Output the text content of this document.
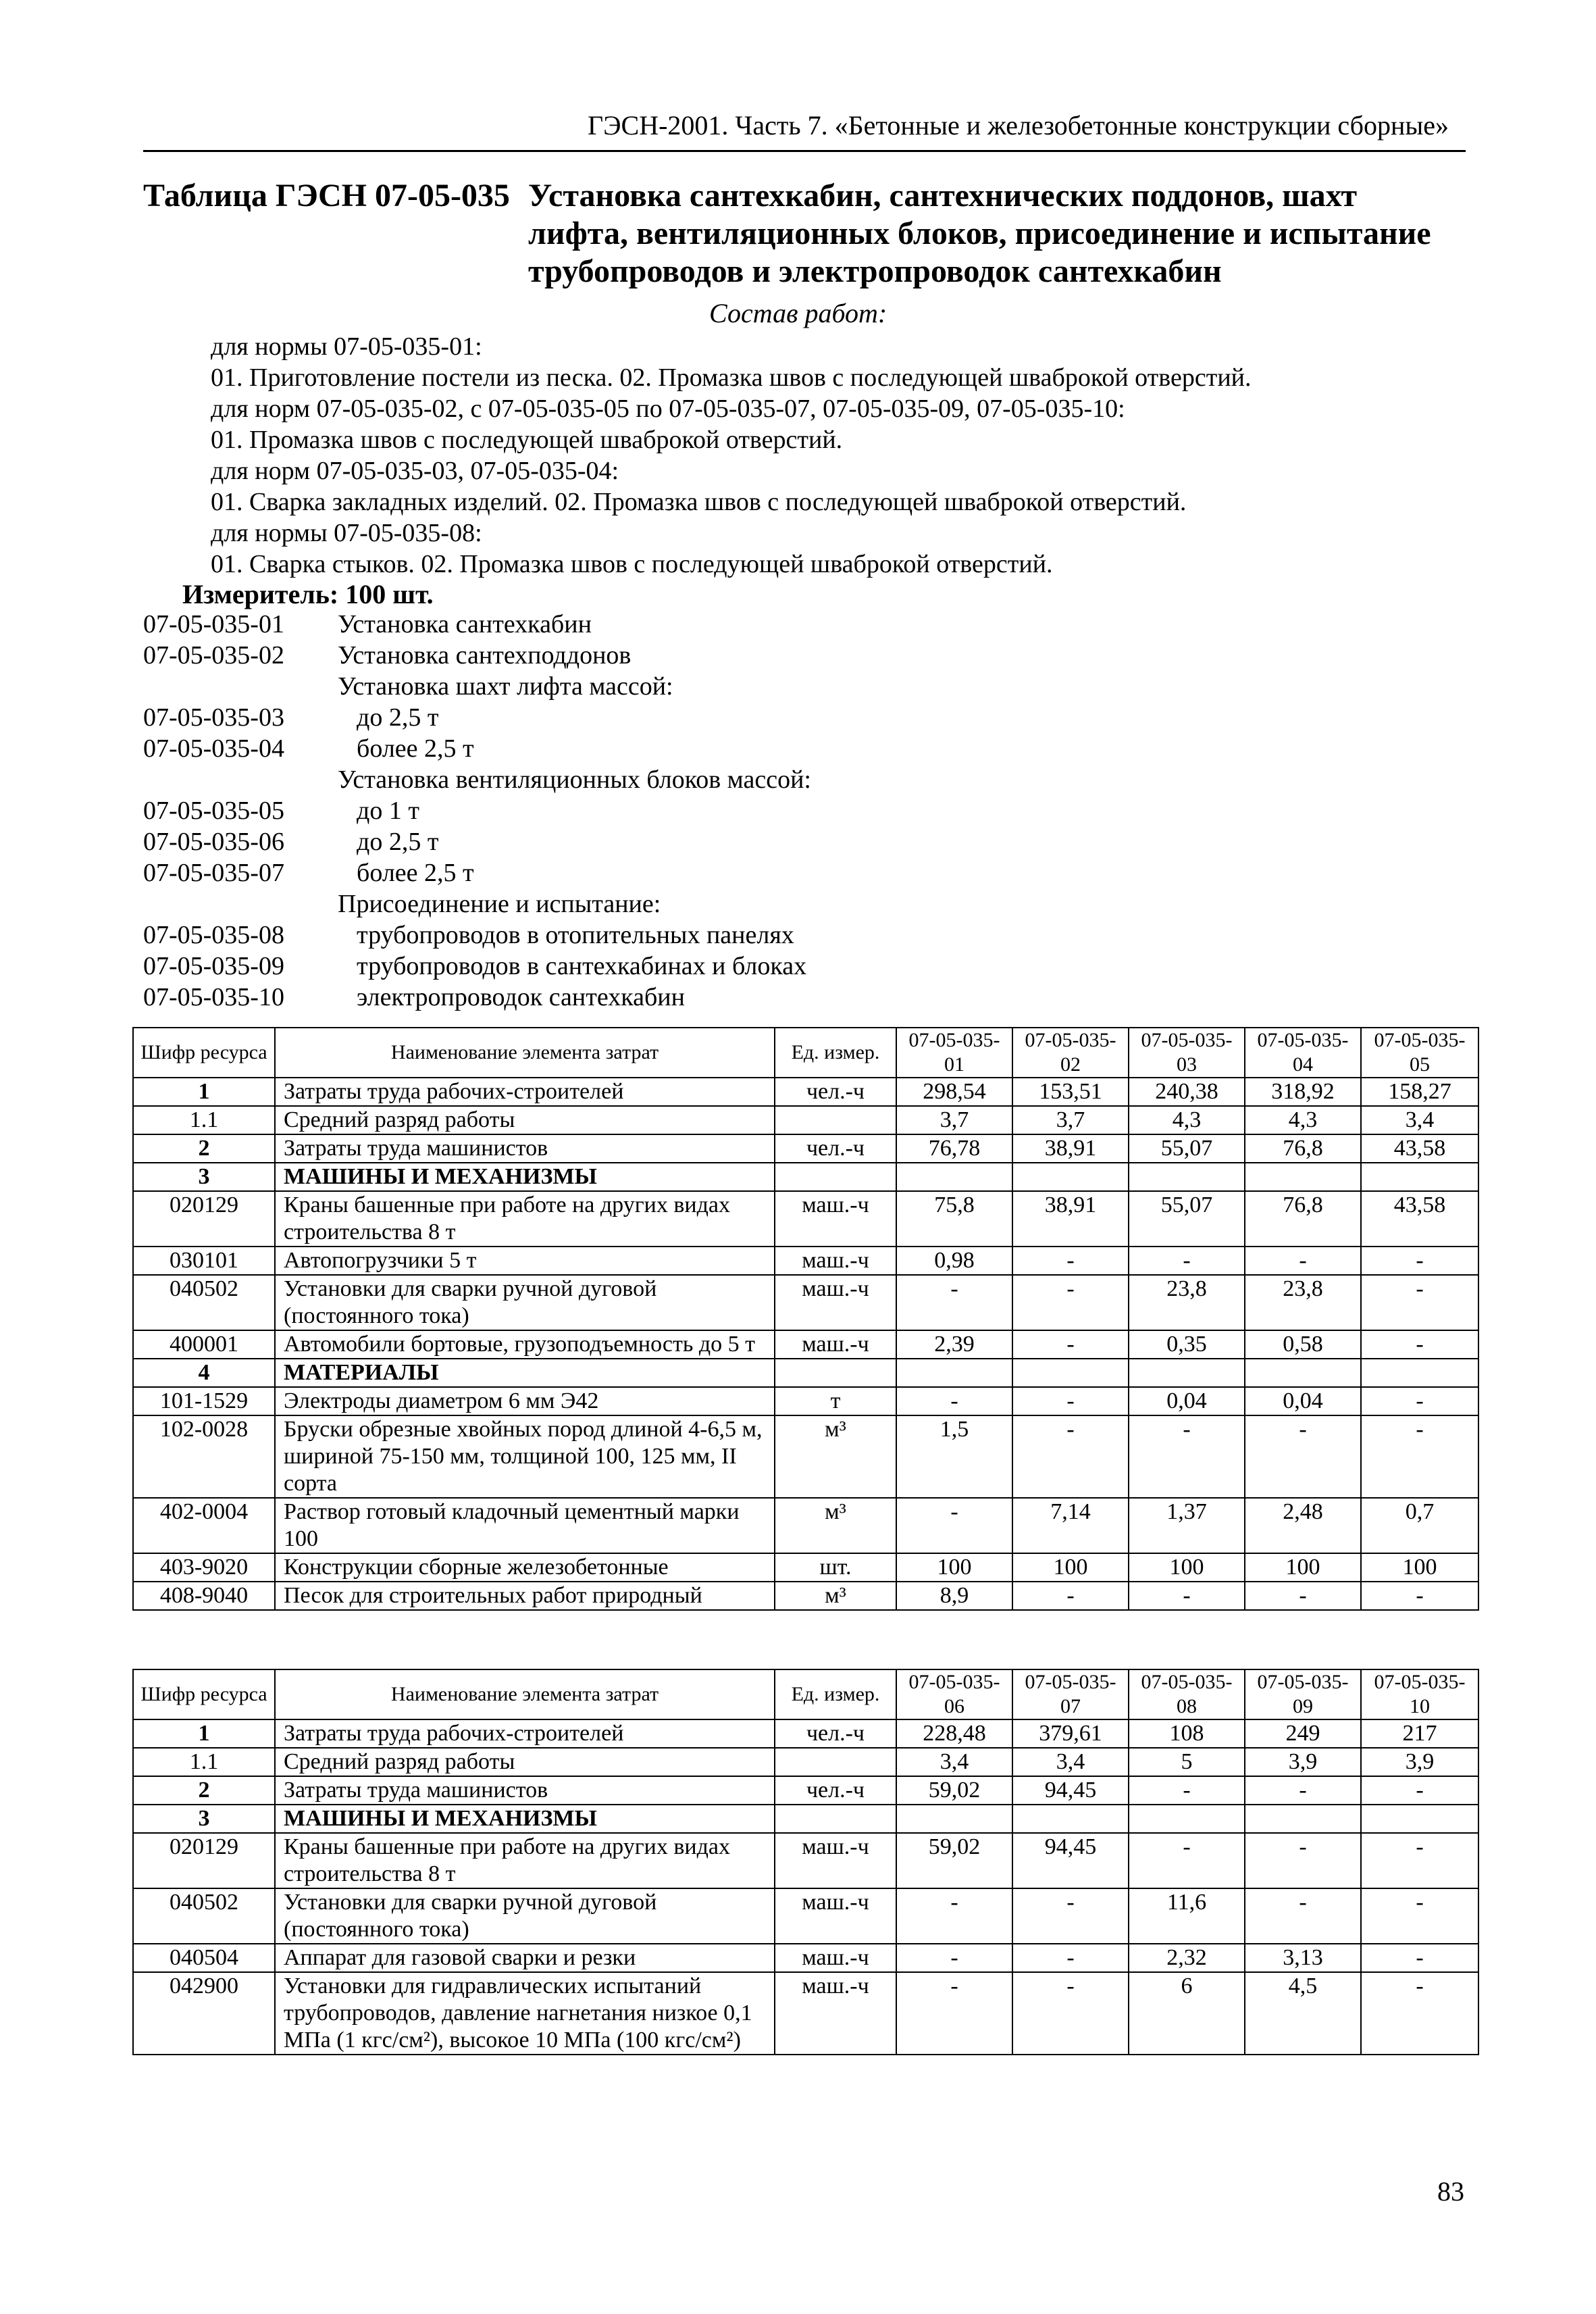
ГЭСН-2001. Часть 7. «Бетонные и железобетонные конструкции сборные»
Таблица ГЭСН 07-05-035 Установка сантехкабин, сантехнических поддонов, шахт
лифта, вентиляционных блоков, присоединение и испытание
трубопроводов и электропроводок сантехкабин
Состав работ:
для нормы 07-05-035-01:
01. Приготовление постели из песка. 02. Промазка швов с последующей шваброкой отверстий.
для норм 07-05-035-02, с 07-05-035-05 по 07-05-035-07, 07-05-035-09, 07-05-035-10:
01. Промазка швов с последующей шваброкой отверстий.
для норм 07-05-035-03, 07-05-035-04:
01. Сварка закладных изделий. 02. Промазка швов с последующей шваброкой отверстий.
для нормы 07-05-035-08:
01. Сварка стыков. 02. Промазка швов с последующей шваброкой отверстий.
Измеритель: 100 шт.
07-05-035-01 Установка сантехкабин
07-05-035-02 Установка сантехподдонов
Установка шахт лифта массой:
07-05-035-03	до 2,5 т
07-05-035-04	более 2,5 т
Установка вентиляционных блоков массой:
07-05-035-05	до 1 т
07-05-035-06	до 2,5 т
07-05-035-07	более 2,5 т
Присоединение и испытание:
07-05-035-08	трубопроводов в отопительных панелях
07-05-035-09	трубопроводов в сантехкабинах и блоках
07-05-035-10	электропроводок сантехкабин
Шифр ресурса	Наименование элемента затрат	Ед. измер.	07-05-035-01	07-05-035-02	07-05-035-03	07-05-035-04	07-05-035-05
1	Затраты труда рабочих-строителей	чел.-ч	298,54	153,51	240,38	318,92	158,27
1.1	Средний разряд работы		3,7	3,7	4,3	4,3	3,4
2	Затраты труда машинистов	чел.-ч	76,78	38,91	55,07	76,8	43,58
3	МАШИНЫ И МЕХАНИЗМЫ						
020129	Краны башенные при работе на других видах строительства 8 т	маш.-ч	75,8	38,91	55,07	76,8	43,58
030101	Автопогрузчики 5 т	маш.-ч	0,98	-	-	-	-
040502	Установки для сварки ручной дуговой (постоянного тока)	маш.-ч	-	-	23,8	23,8	-
400001	Автомобили бортовые, грузоподъемность до 5 т	маш.-ч	2,39	-	0,35	0,58	-
4	МАТЕРИАЛЫ						
101-1529	Электроды диаметром 6 мм Э42	т	-	-	0,04	0,04	-
102-0028	Бруски обрезные хвойных пород длиной 4-6,5 м, шириной 75-150 мм, толщиной 100, 125 мм, II сорта	м³	1,5	-	-	-	-
402-0004	Раствор готовый кладочный цементный марки 100	м³	-	7,14	1,37	2,48	0,7
403-9020	Конструкции сборные железобетонные	шт.	100	100	100	100	100
408-9040	Песок для строительных работ природный	м³	8,9	-	-	-	-
Шифр ресурса	Наименование элемента затрат	Ед. измер.	07-05-035-06	07-05-035-07	07-05-035-08	07-05-035-09	07-05-035-10
1	Затраты труда рабочих-строителей	чел.-ч	228,48	379,61	108	249	217
1.1	Средний разряд работы		3,4	3,4	5	3,9	3,9
2	Затраты труда машинистов	чел.-ч	59,02	94,45	-	-	-
3	МАШИНЫ И МЕХАНИЗМЫ						
020129	Краны башенные при работе на других видах строительства 8 т	маш.-ч	59,02	94,45	-	-	-
040502	Установки для сварки ручной дуговой (постоянного тока)	маш.-ч	-	-	11,6	-	-
040504	Аппарат для газовой сварки и резки	маш.-ч	-	-	2,32	3,13	-
042900	Установки для гидравлических испытаний трубопроводов, давление нагнетания низкое 0,1 МПа (1 кгс/см²), высокое 10 МПа (100 кгс/см²)	маш.-ч	-	-	6	4,5	-
83
